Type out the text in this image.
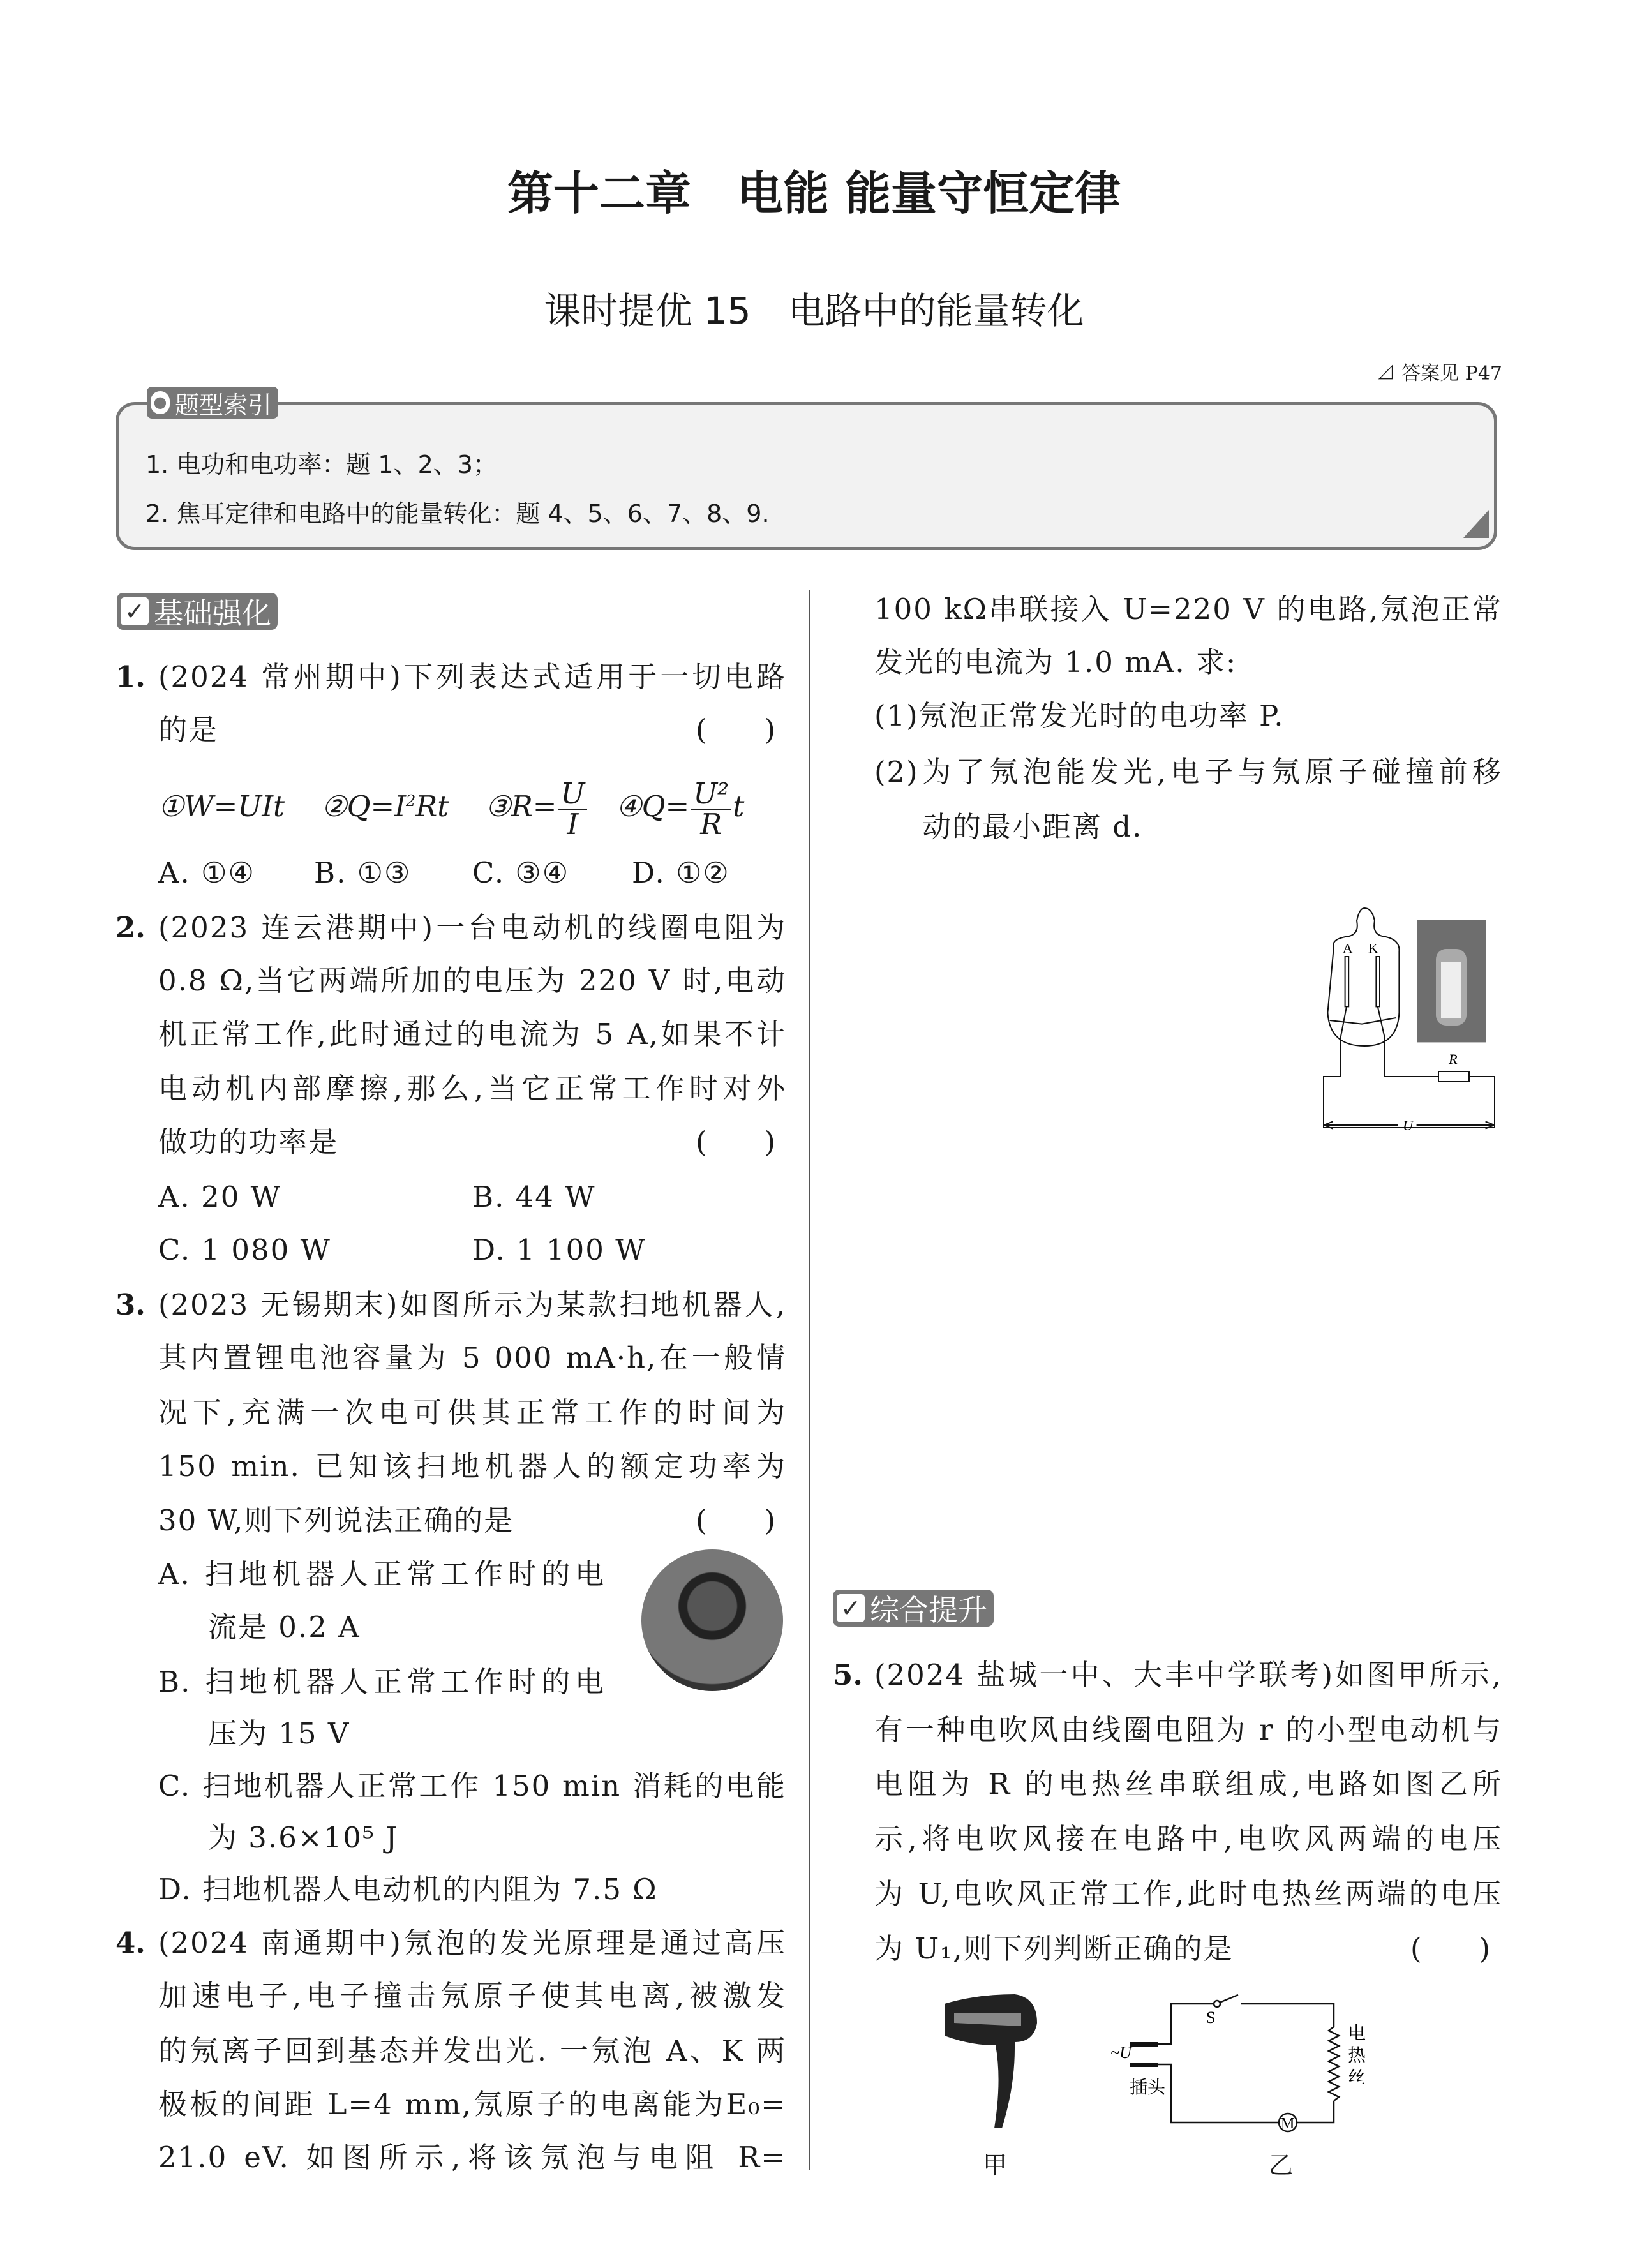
第十二章　电能 能量守恒定律
课时提优 15　电路中的能量转化
⊿ 答案见 P47
● 题型索引
1. 电功和电功率：题 1、2、3；
2. 焦耳定律和电路中的能量转化：题 4、5、6、7、8、9.
✓ 基础强化
1. (2024 常州期中)下列表达式适用于一切电路
的是	(　　)
①W=UIt $②Q=I^2Rt$ ③R= $\frac{U}{I}$ ④Q= $\frac{\text{U²}}{R}$ t
A. ①④ B. ①③ C. ③④ D. ①②
2. (2023 连云港期中)一台电动机的线圈电阻为
0.8 Ω,当它两端所加的电压为 220 V 时,电动
机正常工作,此时通过的电流为 5 A,如果不计
电动机内部摩擦,那么,当它正常工作时对外
做功的功率是	(　　)
A. 20 W	B. 44 W
C. 1 080 W	D. 1 100 W
3. (2023 无锡期末)如图所示为某款扫地机器人,
其内置锂电池容量为 5 000 mA·h,在一般情
况下,充满一次电可供其正常工作的时间为
150 min. 已知该扫地机器人的额定功率为
30 W,则下列说法正确的是	(　　)
A. 扫地机器人正常工作时的电
流是 0.2 A
B. 扫地机器人正常工作时的电
压为 15 V
C. 扫地机器人正常工作 150 min 消耗的电能
为 3.6×10⁵ J
D. 扫地机器人电动机的内阻为 7.5 Ω
4. (2024 南通期中)氖泡的发光原理是通过高压
加速电子,电子撞击氖原子使其电离,被激发
的氖离子回到基态并发出光. 一氖泡 A、K 两
极板的间距 L=4 mm,氖原子的电离能为E₀=
21.0 eV. 如图所示,将该氖泡与电阻 R=
100 kΩ串联接入 U=220 V 的电路,氖泡正常
发光的电流为 1.0 mA. 求:
(1)氖泡正常发光时的电功率 P.
(2)为了氖泡能发光,电子与氖原子碰撞前移
动的最小距离 d.
A K
R
U
✓ 综合提升
5. (2024 盐城一中、大丰中学联考)如图甲所示,
有一种电吹风由线圈电阻为 r 的小型电动机与
电阻为 R 的电热丝串联组成,电路如图乙所
示,将电吹风接在电路中,电吹风两端的电压
为 U,电吹风正常工作,此时电热丝两端的电压
为 U₁,则下列判断正确的是	(　　)
甲
~U
S
M
插头
电
热
丝
乙
